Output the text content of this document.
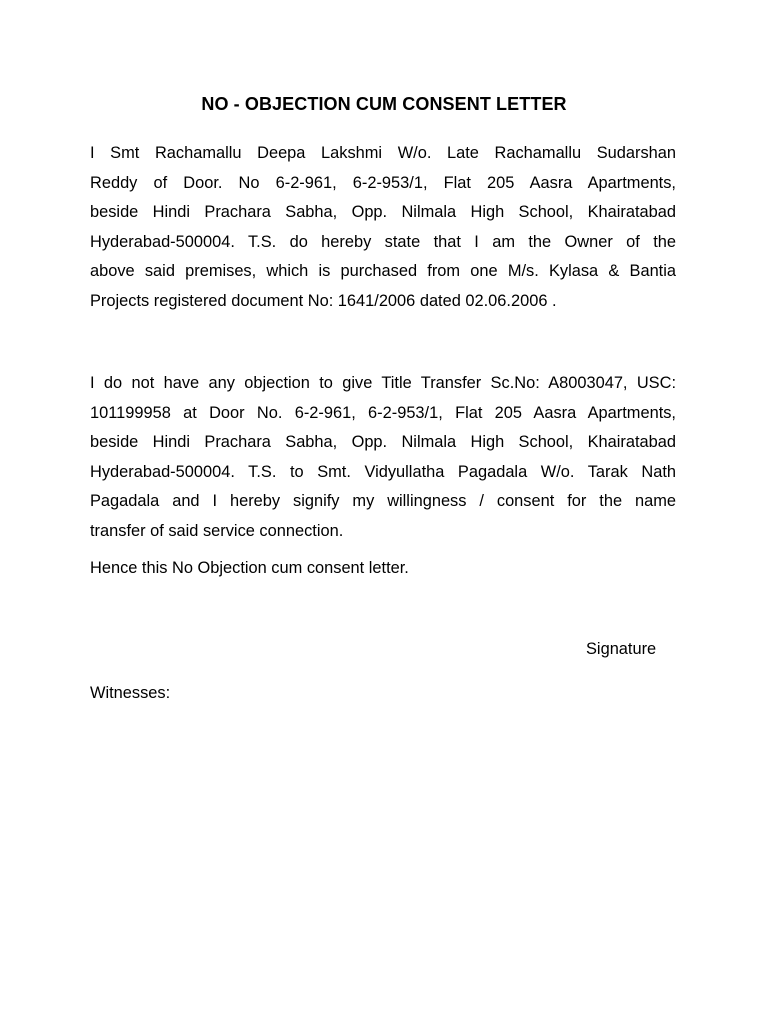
NO - OBJECTION CUM CONSENT LETTER

I Smt Rachamallu Deepa Lakshmi W/o. Late Rachamallu Sudarshan
Reddy of Door. No 6-2-961, 6-2-953/1, Flat 205 Aasra Apartments,
beside Hindi Prachara Sabha, Opp. Nilmala High School, Khairatabad
Hyderabad-500004. T.S. do hereby state that I am the Owner of the
above said premises, which is purchased from one M/s. Kylasa & Bantia
Projects registered document No: 1641/2006 dated 02.06.2006 .

I do not have any objection to give Title Transfer Sc.No: A8003047, USC:
101199958 at Door No. 6-2-961, 6-2-953/1, Flat 205 Aasra Apartments,
beside Hindi Prachara Sabha, Opp. Nilmala High School, Khairatabad
Hyderabad-500004. T.S. to Smt. Vidyullatha Pagadala W/o. Tarak Nath
Pagadala and I hereby signify my willingness / consent for the name
transfer of said service connection.

Hence this No Objection cum consent letter.

Signature
Witnesses:
